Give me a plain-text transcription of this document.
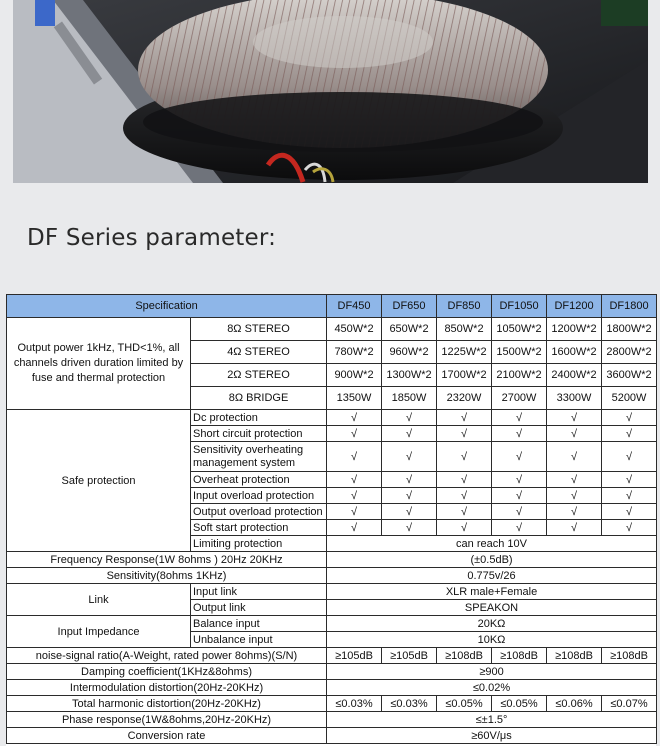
DF Series parameter:
Specification		DF450	DF650	DF850	DF1050	DF1200	DF1800
Output power 1kHz, THD<1%, all channels driven duration limited by fuse and thermal protection	8Ω STEREO	450W*2	650W*2	850W*2	1050W*2	1200W*2	1800W*2
	4Ω STEREO	780W*2	960W*2	1225W*2	1500W*2	1600W*2	2800W*2
	2Ω STEREO	900W*2	1300W*2	1700W*2	2100W*2	2400W*2	3600W*2
	8Ω BRIDGE	1350W	1850W	2320W	2700W	3300W	5200W
Safe protection	Dc protection	√	√	√	√	√	√
	Short circuit protection	√	√	√	√	√	√
	Sensitivity overheating management system	√	√	√	√	√	√
	Overheat protection	√	√	√	√	√	√
	Input overload protection	√	√	√	√	√	√
	Output overload protection	√	√	√	√	√	√
	Soft start protection	√	√	√	√	√	√
	Limiting protection	can reach 10V					
Frequency Response(1W 8ohms ) 20Hz 20KHz		(±0.5dB)					
Sensitivity(8ohms 1KHz)		0.775v/26					
Link	Input link	XLR male+Female					
	Output link	SPEAKON					
Input Impedance	Balance input	20KΩ					
	Unbalance input	10KΩ					
noise-signal ratio(A-Weight, rated power 8ohms)(S/N)		≥105dB	≥105dB	≥108dB	≥108dB	≥108dB	≥108dB
Damping coefficient(1KHz&8ohms)		≥900					
Intermodulation distortion(20Hz-20KHz)		≤0.02%					
Total harmonic distortion(20Hz-20KHz)		≤0.03%	≤0.03%	≤0.05%	≤0.05%	≤0.06%	≤0.07%
Phase response(1W&8ohms,20Hz-20KHz)		≤±1.5°					
Conversion rate		≥60V/μs					
